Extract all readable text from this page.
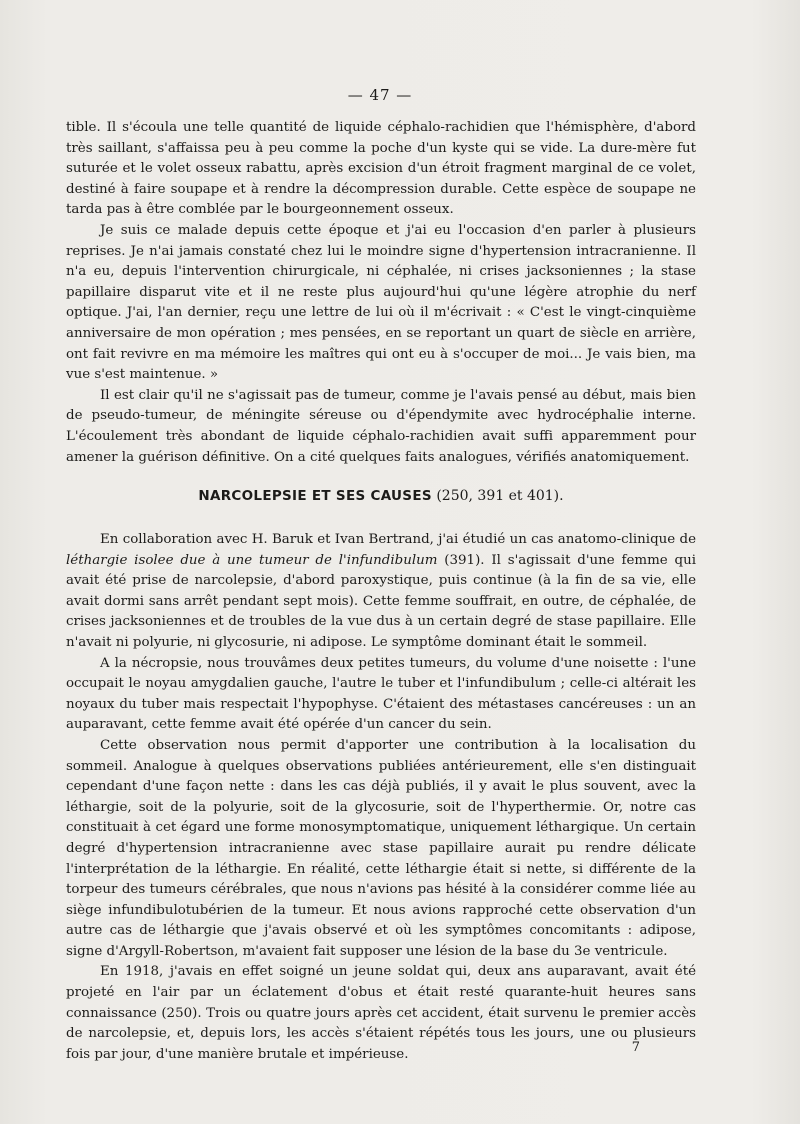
— 47 —

tible. Il s'écoula une telle quantité de liquide céphalo-rachidien que l'hémisphère, d'abord très saillant, s'affaissa peu à peu comme la poche d'un kyste qui se vide. La dure-mère fut suturée et le volet osseux rabattu, après excision d'un étroit fragment marginal de ce volet, destiné à faire soupape et à rendre la décompression durable. Cette espèce de soupape ne tarda pas à être comblée par le bourgeonnement osseux.

Je suis ce malade depuis cette époque et j'ai eu l'occasion d'en parler à plusieurs reprises. Je n'ai jamais constaté chez lui le moindre signe d'hypertension intracranienne. Il n'a eu, depuis l'intervention chirurgicale, ni céphalée, ni crises jacksoniennes ; la stase papillaire disparut vite et il ne reste plus aujourd'hui qu'une légère atrophie du nerf optique. J'ai, l'an dernier, reçu une lettre de lui où il m'écrivait : « C'est le vingt-cinquième anniversaire de mon opération ; mes pensées, en se reportant un quart de siècle en arrière, ont fait revivre en ma mémoire les maîtres qui ont eu à s'occuper de moi... Je vais bien, ma vue s'est maintenue. »

Il est clair qu'il ne s'agissait pas de tumeur, comme je l'avais pensé au début, mais bien de pseudo-tumeur, de méningite séreuse ou d'épendymite avec hydrocéphalie interne. L'écoulement très abondant de liquide céphalo-rachidien avait suffi apparemment pour amener la guérison définitive. On a cité quelques faits analogues, vérifiés anatomiquement.

NARCOLEPSIE ET SES CAUSES (250, 391 et 401).

En collaboration avec H. Baruk et Ivan Bertrand, j'ai étudié un cas anatomo-clinique de léthargie isolee due à une tumeur de l'infundibulum (391). Il s'agissait d'une femme qui avait été prise de narcolepsie, d'abord paroxystique, puis continue (à la fin de sa vie, elle avait dormi sans arrêt pendant sept mois). Cette femme souffrait, en outre, de céphalée, de crises jacksoniennes et de troubles de la vue dus à un certain degré de stase papillaire. Elle n'avait ni polyurie, ni glycosurie, ni adipose. Le symptôme dominant était le sommeil.

A la nécropsie, nous trouvâmes deux petites tumeurs, du volume d'une noisette : l'une occupait le noyau amygdalien gauche, l'autre le tuber et l'infundibulum ; celle-ci altérait les noyaux du tuber mais respectait l'hypophyse. C'étaient des métastases cancéreuses : un an auparavant, cette femme avait été opérée d'un cancer du sein.

Cette observation nous permit d'apporter une contribution à la localisation du sommeil. Analogue à quelques observations publiées antérieurement, elle s'en distinguait cependant d'une façon nette : dans les cas déjà publiés, il y avait le plus souvent, avec la léthargie, soit de la polyurie, soit de la glycosurie, soit de l'hyperthermie. Or, notre cas constituait à cet égard une forme monosymptomatique, uniquement léthargique. Un certain degré d'hypertension intracranienne avec stase papillaire aurait pu rendre délicate l'interprétation de la léthargie. En réalité, cette léthargie était si nette, si différente de la torpeur des tumeurs cérébrales, que nous n'avions pas hésité à la considérer comme liée au siège infundibulotubérien de la tumeur. Et nous avions rapproché cette observation d'un autre cas de léthargie que j'avais observé et où les symptômes concomitants : adipose, signe d'Argyll-Robertson, m'avaient fait supposer une lésion de la base du 3e ventricule.

En 1918, j'avais en effet soigné un jeune soldat qui, deux ans auparavant, avait été projeté en l'air par un éclatement d'obus et était resté quarante-huit heures sans connaissance (250). Trois ou quatre jours après cet accident, était survenu le premier accès de narcolepsie, et, depuis lors, les accès s'étaient répétés tous les jours, une ou plusieurs fois par jour, d'une manière brutale et impérieuse.	7
